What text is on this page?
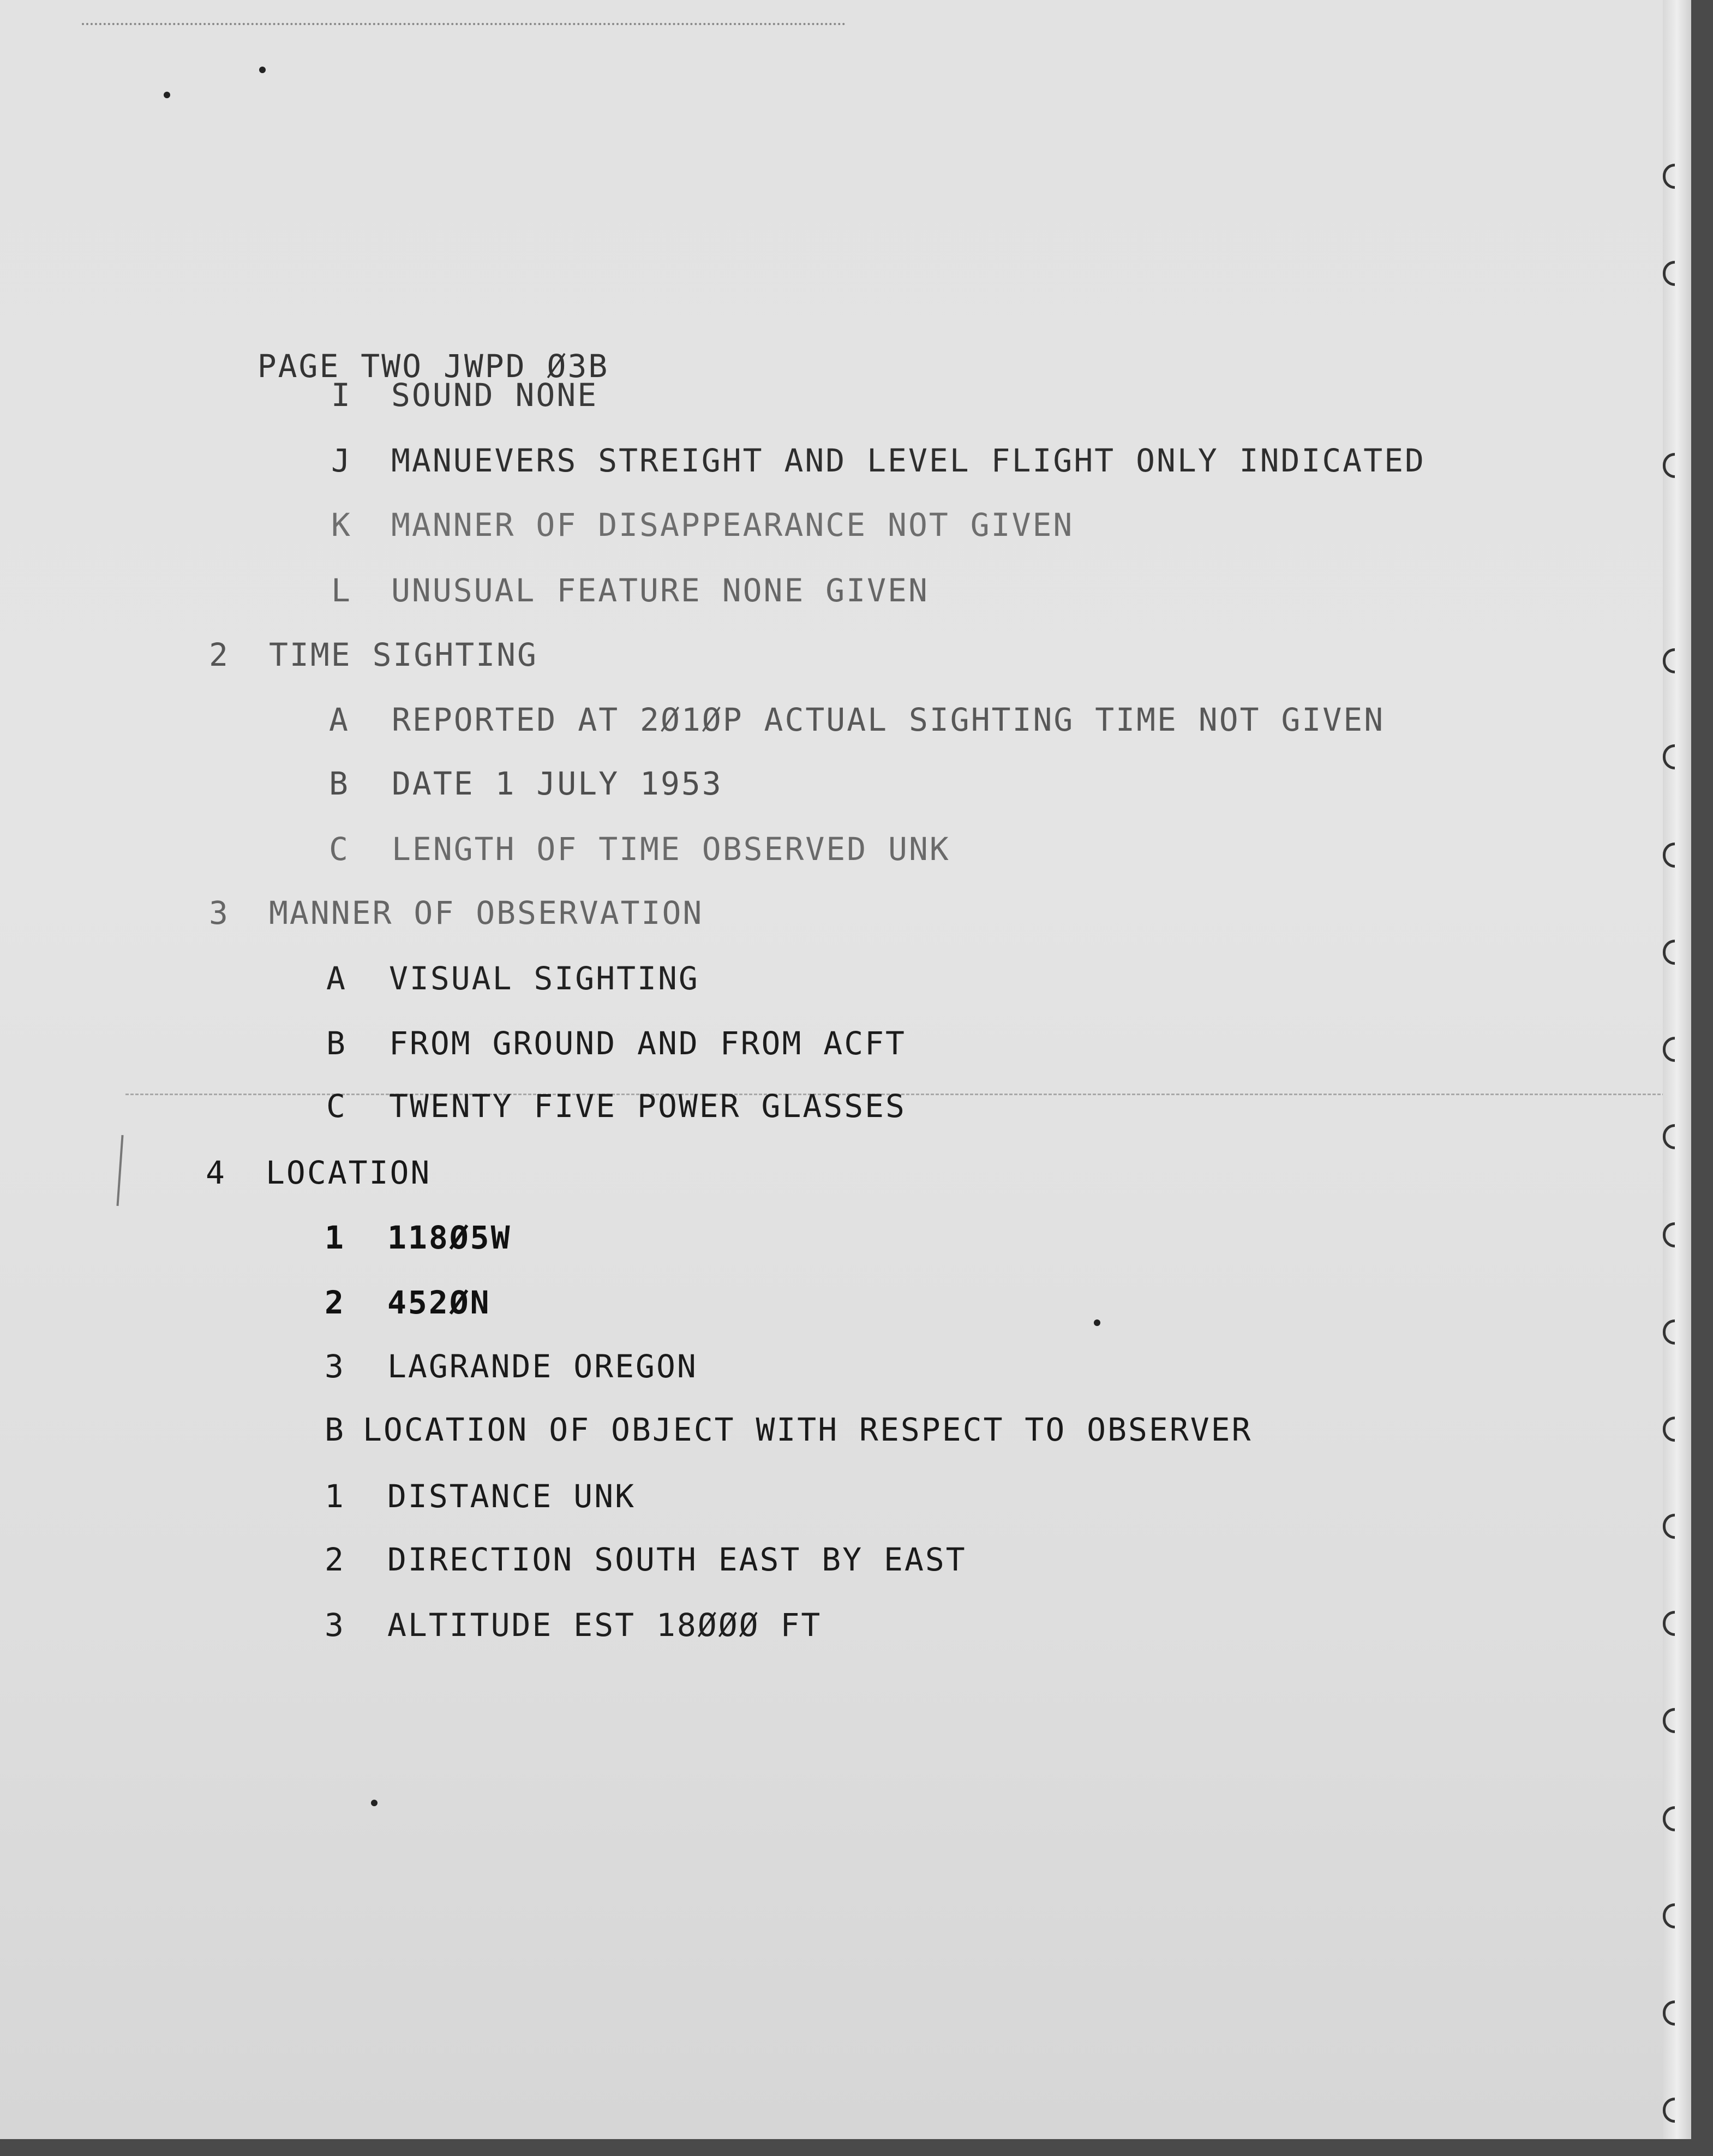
PAGE TWO JWPD Ø3B

I

SOUND NONE

J

MANUEVERS STREIGHT AND LEVEL FLIGHT ONLY INDICATED

K

MANNER OF DISAPPEARANCE NOT GIVEN

L

UNUSUAL FEATURE NONE GIVEN

2

TIME SIGHTING

A

REPORTED AT 2Ø1ØP ACTUAL SIGHTING TIME NOT GIVEN

B

DATE 1 JULY 1953

C

LENGTH OF TIME OBSERVED UNK

3

MANNER OF OBSERVATION

A

VISUAL SIGHTING

B

FROM GROUND AND FROM ACFT

C

TWENTY FIVE POWER GLASSES

4

LOCATION

1

118Ø5W

2

452ØN

3

LAGRANDE OREGON

B

LOCATION OF OBJECT WITH RESPECT TO OBSERVER

1

DISTANCE UNK

2

DIRECTION SOUTH EAST BY EAST

3

ALTITUDE EST 18ØØØ FT
